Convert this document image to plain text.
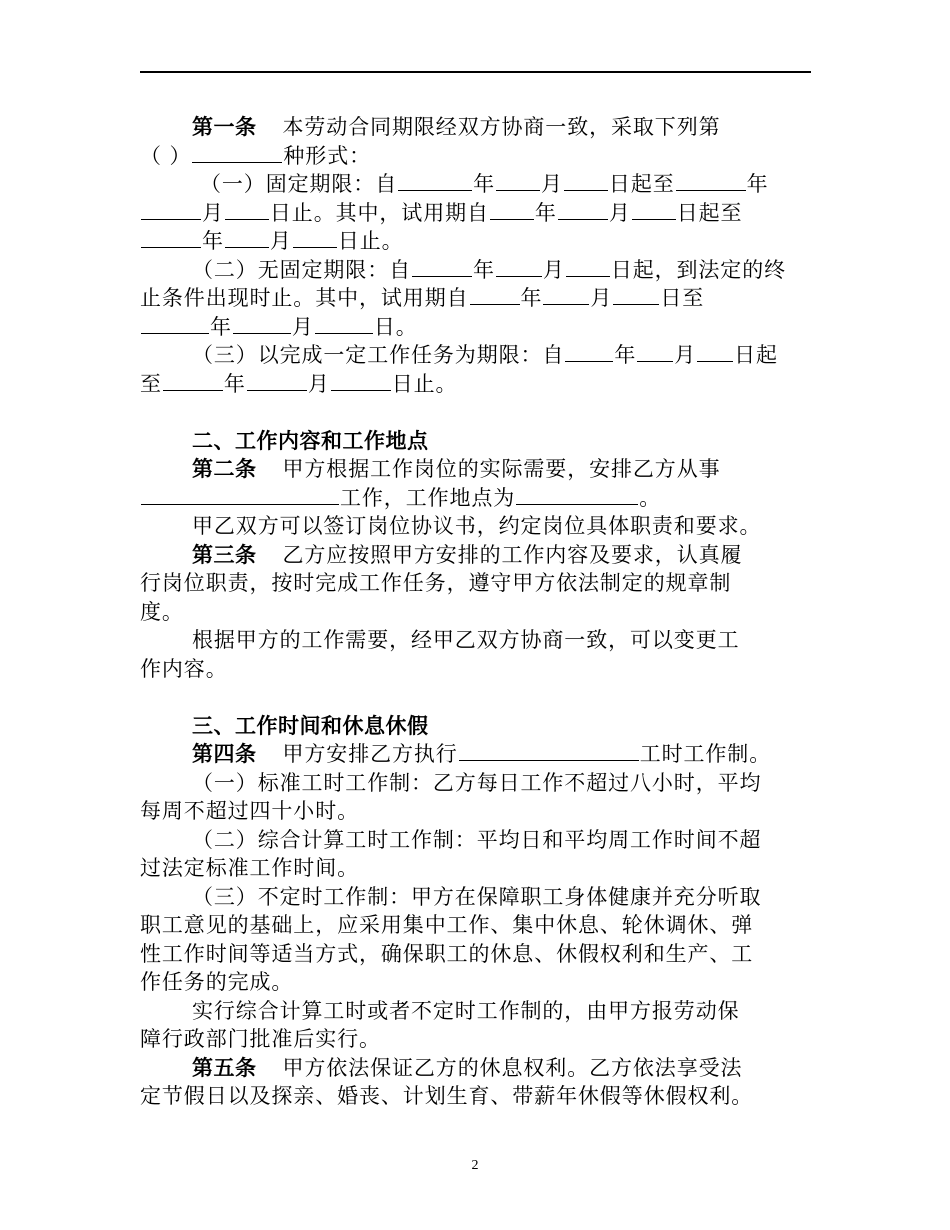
第一条 本劳动合同期限经双方协商一致，采取下列第
（ ）	种形式：
（一）固定期限：自	年 月 日起至	年
月 日止。其中，试用期自 年 月 日起至
年 月 日止。
（二）无固定期限：自	年 月 日起，到法定的终
止条件出现时止。其中，试用期自 年 月 日至
年	月	日。
（三）以完成一定工作任务为期限：自 年 月 日起
至	年	月	日止。
二、工作内容和工作地点
第二条 甲方根据工作岗位的实际需要，安排乙方从事
工作，工作地点为	。
甲乙双方可以签订岗位协议书，约定岗位具体职责和要求。
第三条 乙方应按照甲方安排的工作内容及要求，认真履
行岗位职责，按时完成工作任务，遵守甲方依法制定的规章制
度。
根据甲方的工作需要，经甲乙双方协商一致，可以变更工
作内容。
三、工作时间和休息休假
第四条 甲方安排乙方执行	工时工作制。
（一）标准工时工作制：乙方每日工作不超过八小时，平均
每周不超过四十小时。
（二）综合计算工时工作制：平均日和平均周工作时间不超
过法定标准工作时间。
（三）不定时工作制：甲方在保障职工身体健康并充分听取
职工意见的基础上，应采用集中工作、集中休息、轮休调休、弹
性工作时间等适当方式，确保职工的休息、休假权利和生产、工
作任务的完成。
实行综合计算工时或者不定时工作制的，由甲方报劳动保
障行政部门批准后实行。
第五条 甲方依法保证乙方的休息权利。乙方依法享受法
定节假日以及探亲、婚丧、计划生育、带薪年休假等休假权利。
2
